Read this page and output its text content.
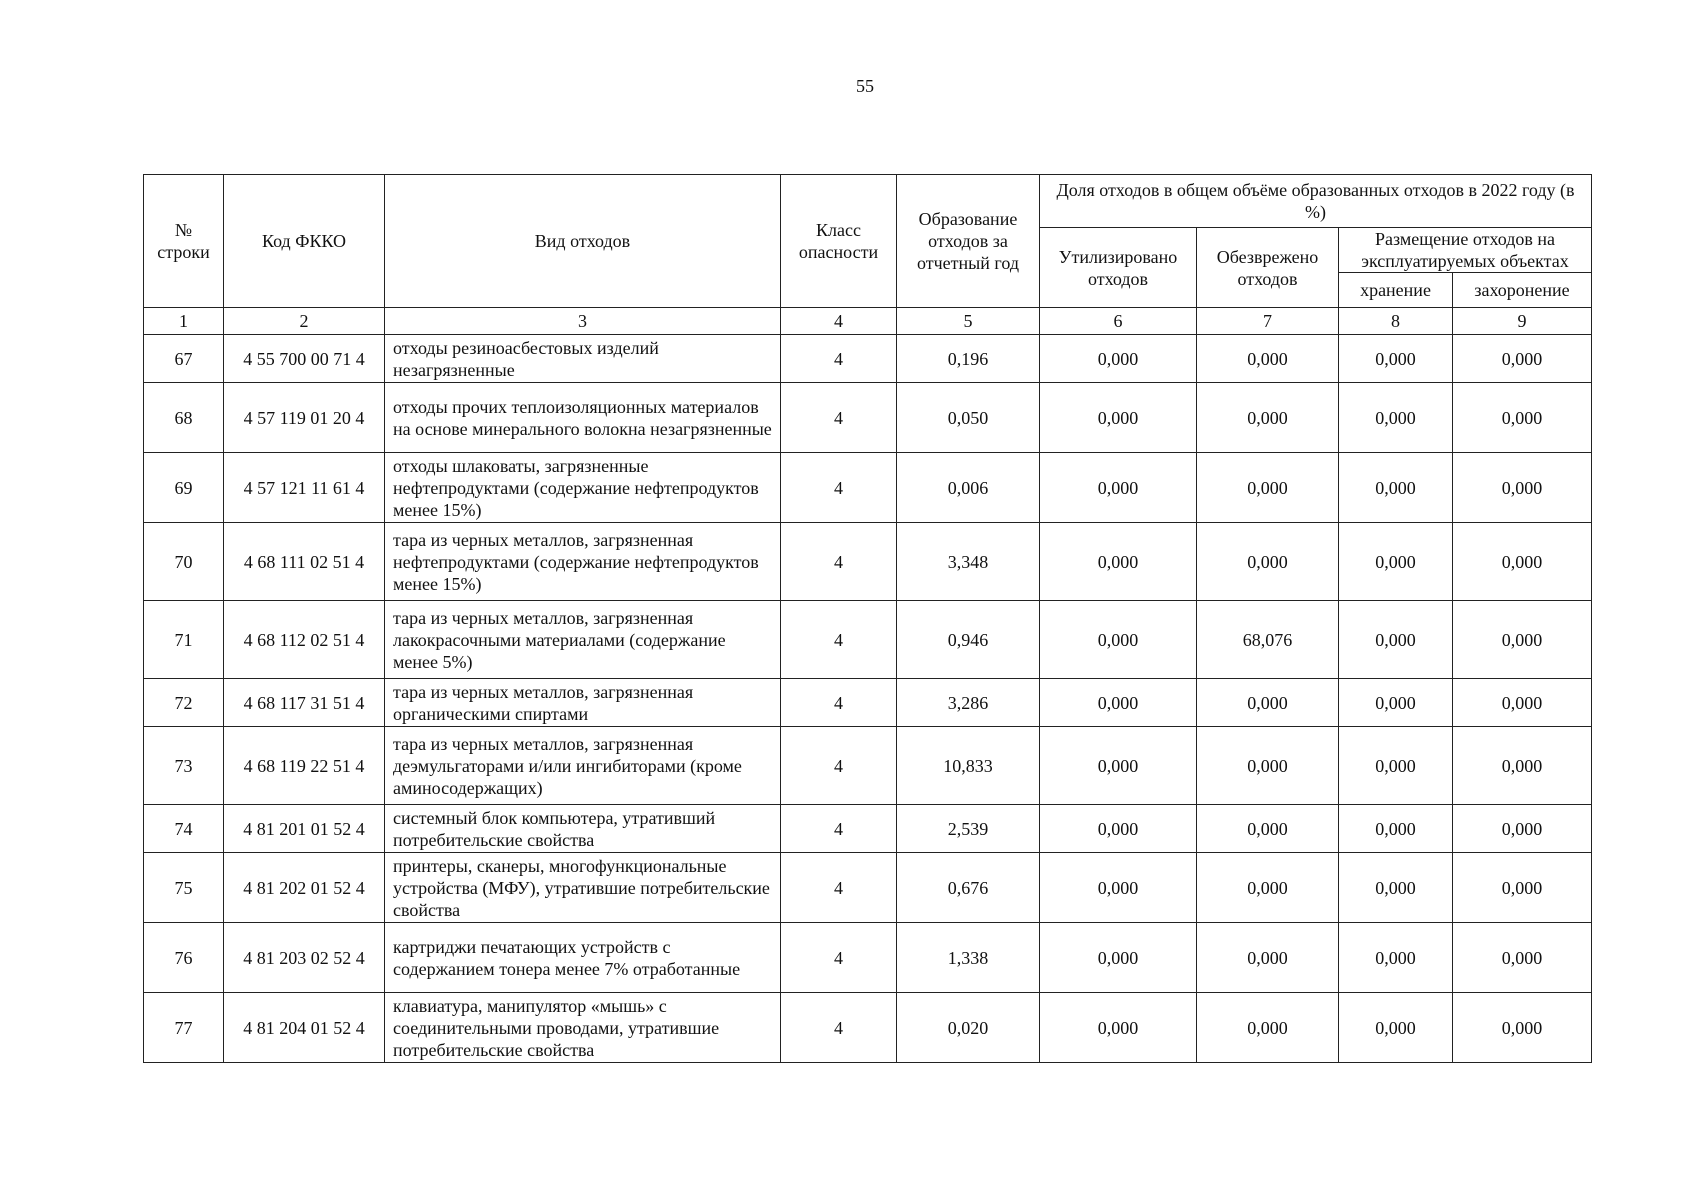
55
№ строки	Код ФККО	Вид отходов	Класс опасности	Образование отходов за отчетный год	Доля отходов в общем объёме образованных отходов в 2022 году (в %)			
					Утилизировано отходов	Обезврежено отходов	Размещение отходов на эксплуатируемых объектах	
							хранение	захоронение
1	2	3	4	5	6	7	8	9
67	4 55 700 00 71 4	отходы резиноасбестовых изделий незагрязненные	4	0,196	0,000	0,000	0,000	0,000
68	4 57 119 01 20 4	отходы прочих теплоизоляционных материалов на основе минерального волокна незагрязненные	4	0,050	0,000	0,000	0,000	0,000
69	4 57 121 11 61 4	отходы шлаковаты, загрязненные нефтепродуктами (содержание нефтепродуктов менее 15%)	4	0,006	0,000	0,000	0,000	0,000
70	4 68 111 02 51 4	тара из черных металлов, загрязненная нефтепродуктами (содержание нефтепродуктов менее 15%)	4	3,348	0,000	0,000	0,000	0,000
71	4 68 112 02 51 4	тара из черных металлов, загрязненная лакокрасочными материалами (содержание менее 5%)	4	0,946	0,000	68,076	0,000	0,000
72	4 68 117 31 51 4	тара из черных металлов, загрязненная органическими спиртами	4	3,286	0,000	0,000	0,000	0,000
73	4 68 119 22 51 4	тара из черных металлов, загрязненная деэмульгаторами и/или ингибиторами (кроме аминосодержащих)	4	10,833	0,000	0,000	0,000	0,000
74	4 81 201 01 52 4	системный блок компьютера, утративший потребительские свойства	4	2,539	0,000	0,000	0,000	0,000
75	4 81 202 01 52 4	принтеры, сканеры, многофункциональные устройства (МФУ), утратившие потребительские свойства	4	0,676	0,000	0,000	0,000	0,000
76	4 81 203 02 52 4	картриджи печатающих устройств с содержанием тонера менее 7% отработанные	4	1,338	0,000	0,000	0,000	0,000
77	4 81 204 01 52 4	клавиатура, манипулятор «мышь» с соединительными проводами, утратившие потребительские свойства	4	0,020	0,000	0,000	0,000	0,000
